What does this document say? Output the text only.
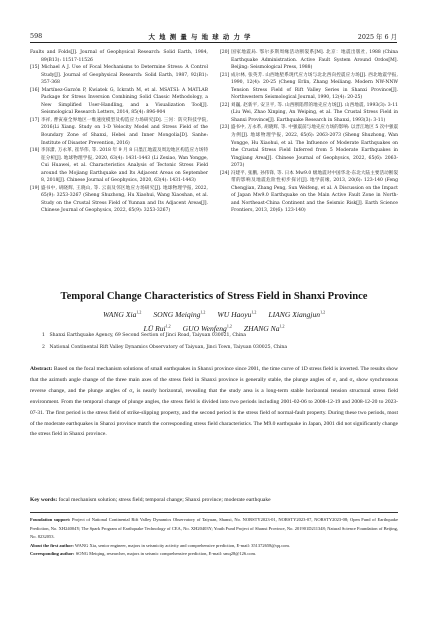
598	大 地 测 量 与 地 球 动 力 学	2025 年 6 月

Faults and Folds[J]. Journal of Geophysical Research: Solid Earth, 1984, 89(B13): 11517-11526

[15] Michael A J. Use of Focal Mechanisms to Determine Stress: A Control Study[J]. Journal of Geophysical Research: Solid Earth, 1987, 92(B1): 357-368

[16] Martínez-Garzón P, Kwiatek G, Ickrath M, et al. MSATSI: A MATLAB Package for Stress Inversion Combining Solid Classic Methodology, a New Simplified User-Handling, and a Visualization Tool[J]. Seismological Research Letters, 2014, 85(4): 896-904

[17] 李祥, 曹寅豪全界地区一维速度模型及构造应力场研究[D]. 三河：防灾科技学院, 2016(Li Xiang. Study on 1-D Velocity Model and Stress Field of the Boundary Zone of Shanxi, Hebei and Inner Mongolia[D]. Sanhe: Institute of Disaster Prevention, 2016)

[18] 李泽潇, 万永革, 崔华伟, 等. 2018 年 9 月 8 日墨江地震及周边地区构造应力场特征分析[J]. 地球物理学报, 2020, 63(4): 1431-1443 (Li Zexiao, Wan Yongge, Cui Huawei, et al. Characteristics Analysis of Tectonic Stress Field around the Mojiang Earthquake and Its Adjacent Areas on September 8, 2018[J]. Chinese Journal of Geophysics, 2020, 63(4): 1431-1443)

[19] 盛书中, 胡晓辉, 王晓山, 等. 云南及邻区地应力场研究[J]. 地球物理学报, 2022, 65(9): 3253-3267 (Sheng Shuzhong, Hu Xiaohui, Wang Xiaoshan, et al. Study on the Crustal Stress Field of Yunnan and Its Adjacent Areas[J]. Chinese Journal of Geophysics, 2022, 65(9): 3253-3267)

[20] 国家地震局. 鄂尔多斯周缘活动断裂系[M]. 北京：地震出版社, 1988 (China Earthquake Administration. Active Fault System Around Ordos[M]. Beijing: Seismological Press, 1988)

[21] 成尔林, 张英芳. 山西地堑系现代应力场与北北西向控震应力场[J]. 西北地震学报, 1990, 12(4): 20-25 (Cheng Erlin, Zhang Meiliang. Modern NW-NNW Tension Stress Field of Rift Valley Series in Shanxi Province[J]. Northwestern Seismological Journal, 1990, 12(4): 20-25)

[22] 刘巍, 赵新平, 安卫平, 等. 山西断陷带的地壳应力场[J]. 山西地震, 1993(3): 3-11 (Liu Wei, Zhao Xinping, An Weiping, et al. The Crustal Stress Field in Shanxi Province[J]. Earthquake Research in Shanxi, 1993(3): 3-11)

[23] 盛书中, 万永革, 胡晓辉, 等. 中强震前与地壳应力场的影响: 以晋江地区 5 次中强震为例[J]. 地球物理学报, 2022, 65(6): 2063-2073 (Sheng Shuzhong, Wan Yongge, Hu Xiaohui, et al. The Influence of Moderate Earthquakes on the Crustal Stress Field Inferred from 5 Moderate Earthquakes in Yingjiang Area[J]. Chinese Journal of Geophysics, 2022, 65(6): 2063-2073)

[24] 冯建平, 张鹏, 孙伟锋, 等. 日本 Mw9.0 级地震对中国华北-东北大陆主要活动断裂带的影响及地震危险性初步探讨[J]. 地学前缘, 2013, 20(6): 123-140 (Feng Chengjian, Zhang Peng, Sun Weifeng, et al. A Discussion on the Impact of Japan Mw9.0 Earthquake on the Main Active Fault Zone in North- and Northeast-China Continent and the Seismic Risk[J]. Earth Science Frontiers, 2013, 20(6): 123-140)

Temporal Change Characteristics of Stress Field in Shanxi Province
WANG Xia$^{1,2}$ SONG Meiqing$^{1,2}$ WU Haoyu$^{1,2}$ LIANG Xiangjun$^{1,2}$
LÜ Rui$^{1,2}$ GUO Wenfeng$^{1,2}$ ZHANG Na$^{1,2}$
1　Shanxi Earthquake Agency, 69 Second Section of Jinci Road, Taiyuan 030021, China
2　National Continental Rift Valley Dynamics Observatory of Taiyuan, Jinci Town, Taiyuan 030025, China
Abstract: Based on the focal mechanism solutions of small earthquakes in Shanxi province since 2001, the time curve of 1D stress field is inverted. The results show that the azimuth angle change of the three main axes of the stress field in Shanxi province is generally stable, the plunge angles of σ₁ and σ₃ show synchronous reverse change, and the plunge angles of σ₂ is nearly horizontal, revealing that the study area is a long-term stable horizontal tension structural stress field environment. From the temporal change of plunge angles, the stress field is divided into two periods including 2001-02-06 to 2008-12-19 and 2008-12-20 to 2023-07-31. The first period is the stress field of strike-slipping property, and the second period is the stress field of normal-fault property. During these two periods, most of the moderate earthquakes in Shanxi province match the corresponding stress field characteristics. The M9.0 earthquake in Japan, 2001 did not significantly change the stress field in Shanxi province.
Key words: focal mechanism solution; stress field; temporal change; Shanxi province; moderate earthquake
Foundation support: Project of National Continental Rift Valley Dynamics Observatory of Taiyuan, Shanxi, No. NORSTY2023-01, NORSTY2023-07, NORSTY2023-08; Open Fund of Earthquake Prediction, No. XH24004Y; The Spark Program of Earthquake Technology of CEA, No. XH20403Y; Youth Fund Project of Shanxi Province, No. 201901D211348; Natural Science Foundation of Beijing, No. 8232053.
About the first author: WANG Xia, senior engineer, majors in seismicity activity and comprehensive prediction, E-mail: 351372658@qq.com.
Corresponding author: SONG Meiqing, researcher, majors in seismic comprehensive prediction, E-mail: smq28@126.com.
